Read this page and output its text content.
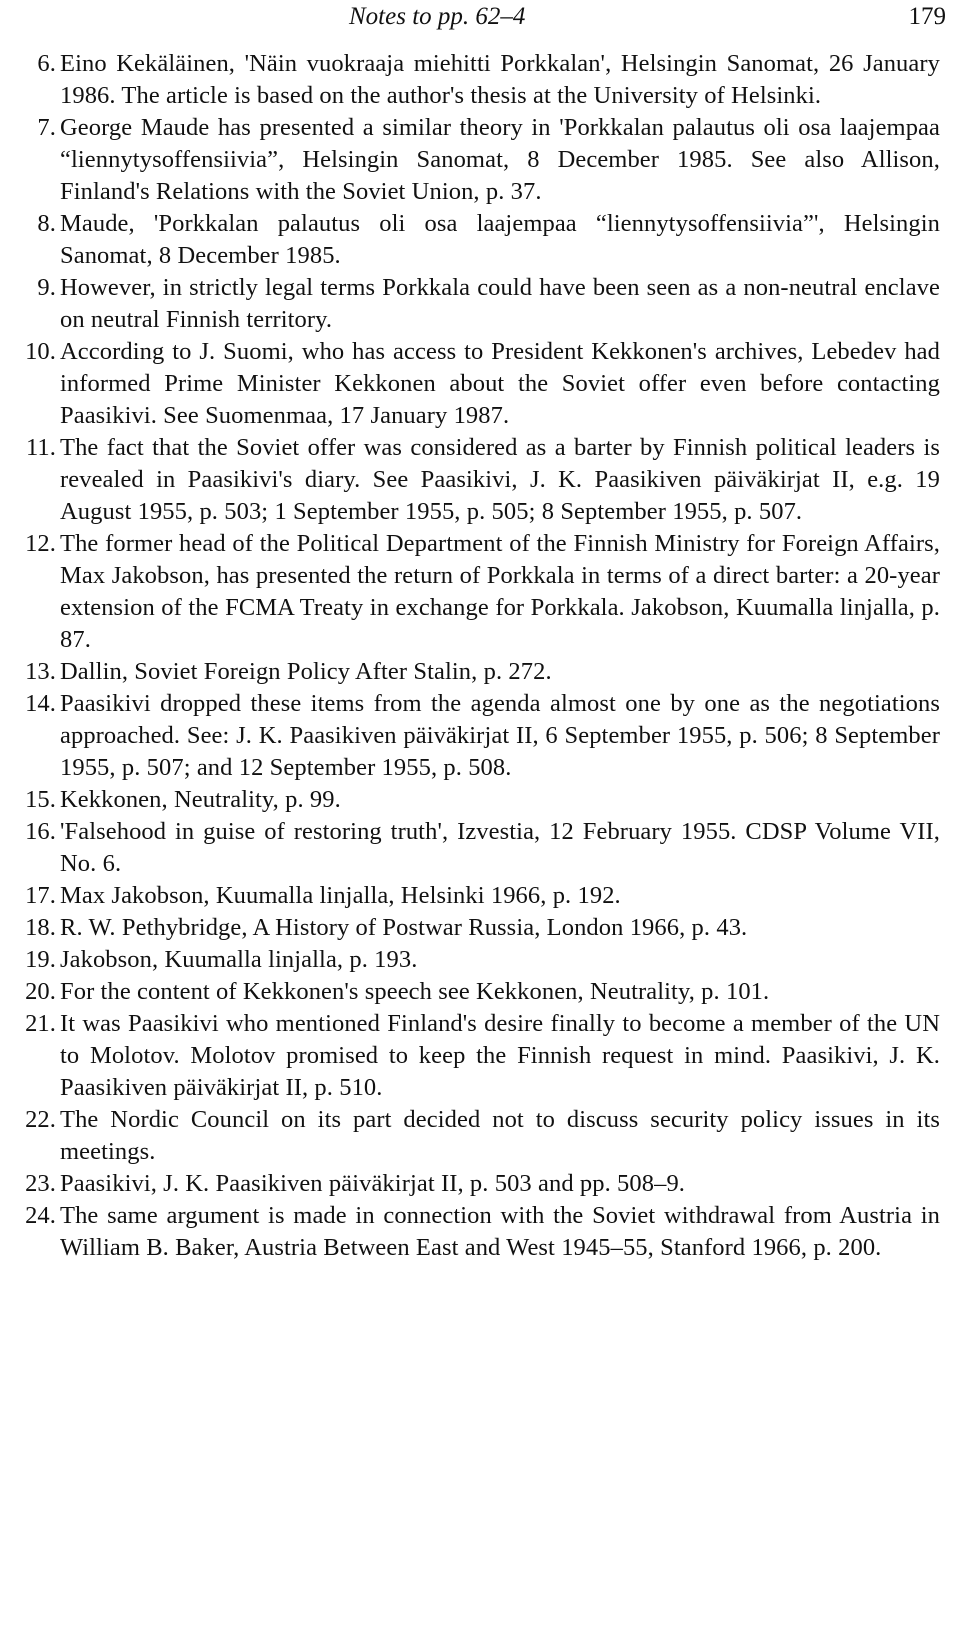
Notes to pp. 62–4	179
6. Eino Kekäläinen, 'Näin vuokraaja miehitti Porkkalan', Helsingin Sanomat, 26 January 1986. The article is based on the author's thesis at the University of Helsinki.
7. George Maude has presented a similar theory in 'Porkkalan palautus oli osa laajempaa “liennytysoffensiivia”, Helsingin Sanomat, 8 December 1985. See also Allison, Finland's Relations with the Soviet Union, p. 37.
8. Maude, 'Porkkalan palautus oli osa laajempaa “liennytysoffensiivia”', Helsingin Sanomat, 8 December 1985.
9. However, in strictly legal terms Porkkala could have been seen as a non-neutral enclave on neutral Finnish territory.
10. According to J. Suomi, who has access to President Kekkonen's archives, Lebedev had informed Prime Minister Kekkonen about the Soviet offer even before contacting Paasikivi. See Suomenmaa, 17 January 1987.
11. The fact that the Soviet offer was considered as a barter by Finnish political leaders is revealed in Paasikivi's diary. See Paasikivi, J. K. Paasikiven päiväkirjat II, e.g. 19 August 1955, p. 503; 1 September 1955, p. 505; 8 September 1955, p. 507.
12. The former head of the Political Department of the Finnish Ministry for Foreign Affairs, Max Jakobson, has presented the return of Porkkala in terms of a direct barter: a 20-year extension of the FCMA Treaty in exchange for Porkkala. Jakobson, Kuumalla linjalla, p. 87.
13. Dallin, Soviet Foreign Policy After Stalin, p. 272.
14. Paasikivi dropped these items from the agenda almost one by one as the negotiations approached. See: J. K. Paasikiven päiväkirjat II, 6 September 1955, p. 506; 8 September 1955, p. 507; and 12 September 1955, p. 508.
15. Kekkonen, Neutrality, p. 99.
16. 'Falsehood in guise of restoring truth', Izvestia, 12 February 1955. CDSP Volume VII, No. 6.
17. Max Jakobson, Kuumalla linjalla, Helsinki 1966, p. 192.
18. R. W. Pethybridge, A History of Postwar Russia, London 1966, p. 43.
19. Jakobson, Kuumalla linjalla, p. 193.
20. For the content of Kekkonen's speech see Kekkonen, Neutrality, p. 101.
21. It was Paasikivi who mentioned Finland's desire finally to become a member of the UN to Molotov. Molotov promised to keep the Finnish request in mind. Paasikivi, J. K. Paasikiven päiväkirjat II, p. 510.
22. The Nordic Council on its part decided not to discuss security policy issues in its meetings.
23. Paasikivi, J. K. Paasikiven päiväkirjat II, p. 503 and pp. 508–9.
24. The same argument is made in connection with the Soviet withdrawal from Austria in William B. Baker, Austria Between East and West 1945–55, Stanford 1966, p. 200.
